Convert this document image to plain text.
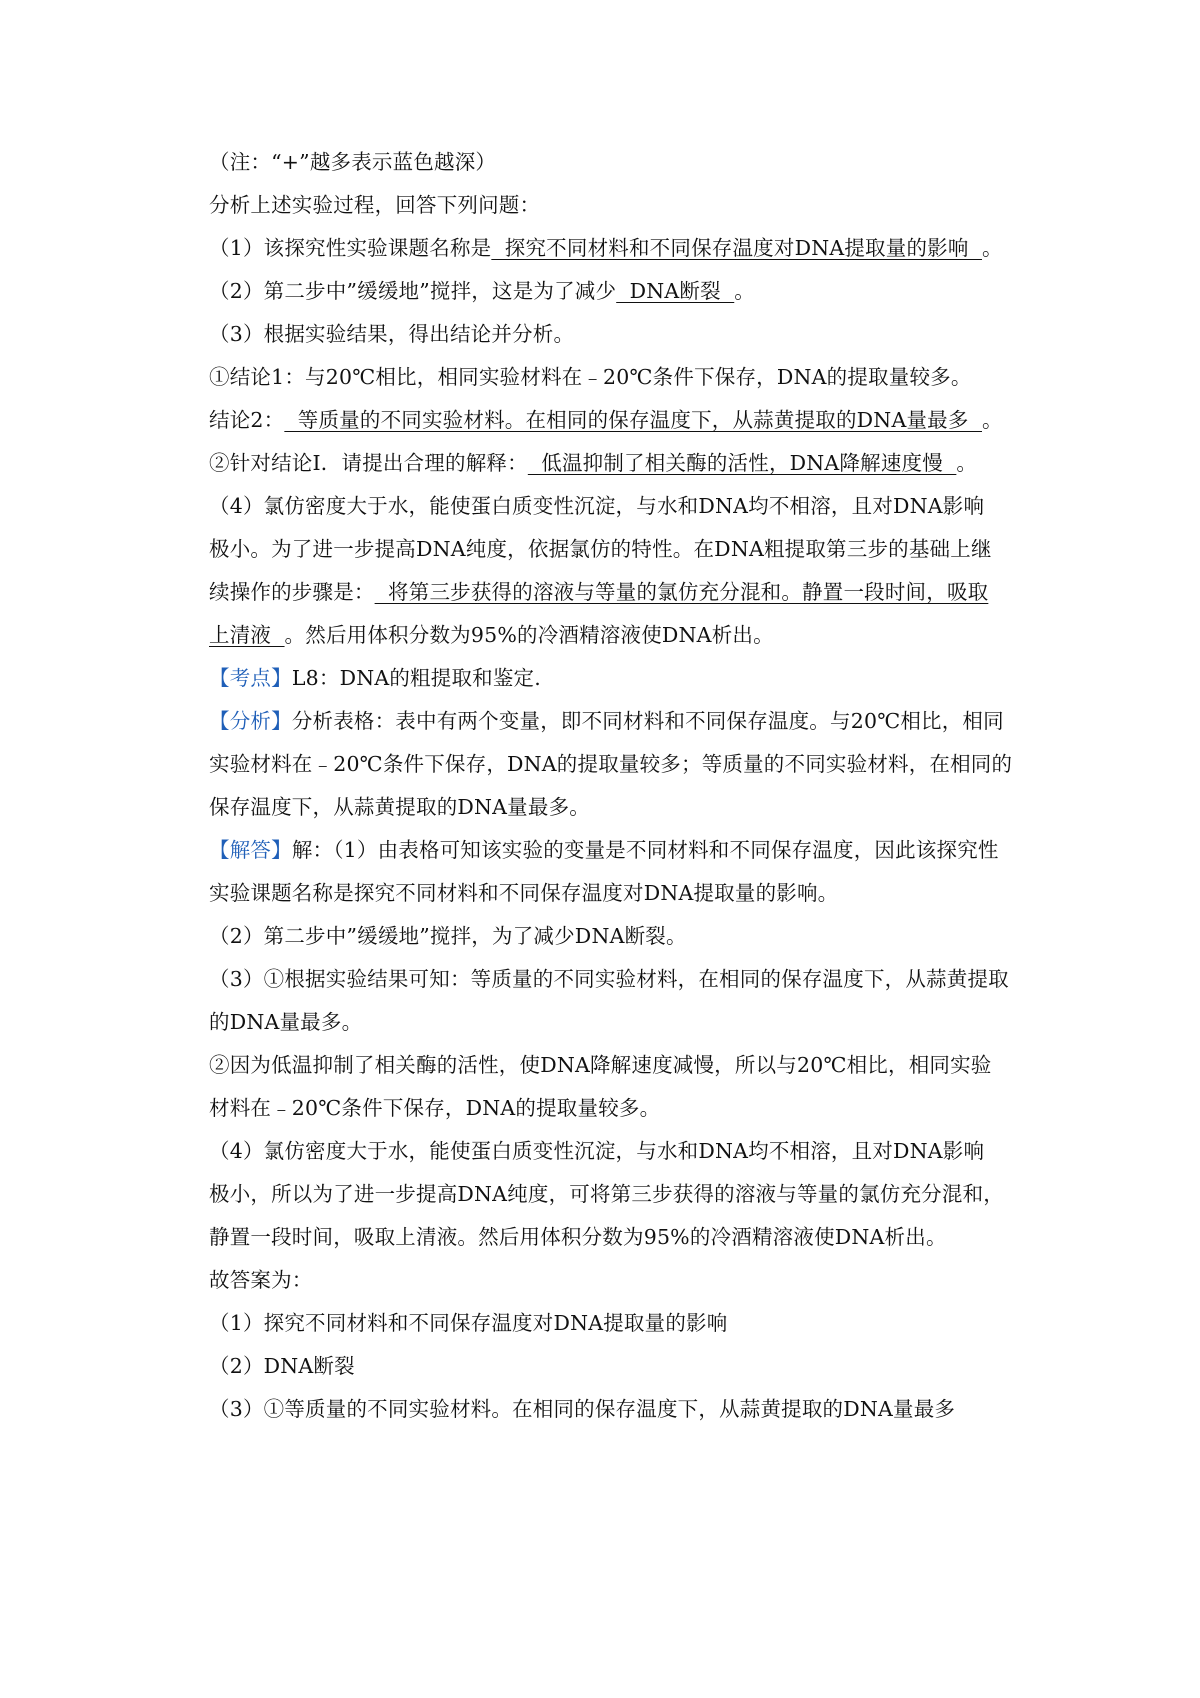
（注：“+”越多表示蓝色越深）
分析上述实验过程，回答下列问题：
（1）该探究性实验课题名称是  探究不同材料和不同保存温度对DNA提取量的影响  。
（2）第二步中”缓缓地”搅拌，这是为了减少  DNA断裂  。
（3）根据实验结果，得出结论并分析。
①结论1：与20℃相比，相同实验材料在﹣20℃条件下保存，DNA的提取量较多。
结论2：  等质量的不同实验材料。在相同的保存温度下，从蒜黄提取的DNA量最多  。
②针对结论I．请提出合理的解释：  低温抑制了相关酶的活性，DNA降解速度慢  。
（4）氯仿密度大于水，能使蛋白质变性沉淀，与水和DNA均不相溶，且对DNA影响
极小。为了进一步提高DNA纯度，依据氯仿的特性。在DNA粗提取第三步的基础上继
续操作的步骤是：  将第三步获得的溶液与等量的氯仿充分混和。静置一段时间，吸取
上清液  。然后用体积分数为95%的冷酒精溶液使DNA析出。
【考点】L8：DNA的粗提取和鉴定.
【分析】分析表格：表中有两个变量，即不同材料和不同保存温度。与20℃相比，相同
实验材料在﹣20℃条件下保存，DNA的提取量较多；等质量的不同实验材料，在相同的
保存温度下，从蒜黄提取的DNA量最多。
【解答】解：（1）由表格可知该实验的变量是不同材料和不同保存温度，因此该探究性
实验课题名称是探究不同材料和不同保存温度对DNA提取量的影响。
（2）第二步中”缓缓地”搅拌，为了减少DNA断裂。
（3）①根据实验结果可知：等质量的不同实验材料，在相同的保存温度下，从蒜黄提取
的DNA量最多。
②因为低温抑制了相关酶的活性，使DNA降解速度减慢，所以与20℃相比，相同实验
材料在﹣20℃条件下保存，DNA的提取量较多。
（4）氯仿密度大于水，能使蛋白质变性沉淀，与水和DNA均不相溶，且对DNA影响
极小，所以为了进一步提高DNA纯度，可将第三步获得的溶液与等量的氯仿充分混和，
静置一段时间，吸取上清液。然后用体积分数为95%的冷酒精溶液使DNA析出。
故答案为：
（1）探究不同材料和不同保存温度对DNA提取量的影响
（2）DNA断裂
（3）①等质量的不同实验材料。在相同的保存温度下，从蒜黄提取的DNA量最多
